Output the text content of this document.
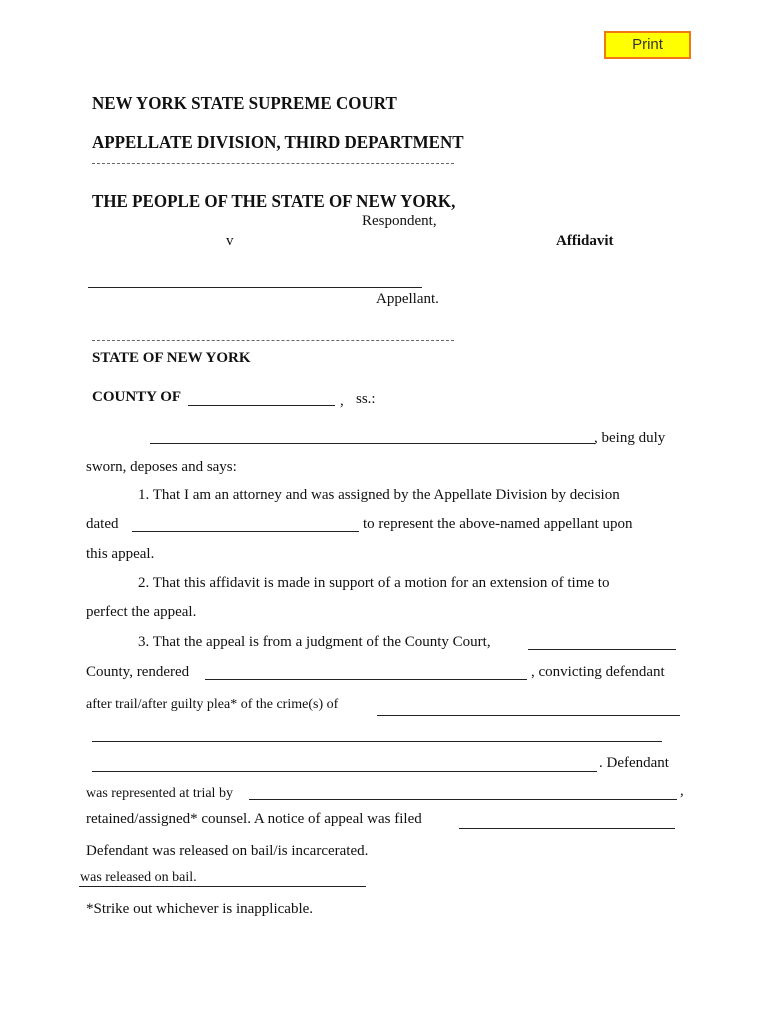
Print
NEW YORK STATE SUPREME COURT
APPELLATE DIVISION, THIRD DEPARTMENT
THE PEOPLE OF THE STATE OF NEW YORK,
Respondent,
v	Affidavit
Appellant.
STATE OF NEW YORK
COUNTY OF	, ss.:
, being duly
sworn, deposes and says:
1. That I am an attorney and was assigned by the Appellate Division by decision
dated	to represent the above-named appellant upon
this appeal.
2. That this affidavit is made in support of a motion for an extension of time to
perfect the appeal.
3. That the appeal is from a judgment of the County Court,
County, rendered	, convicting defendant
after trail/after guilty plea* of the crime(s) of
. Defendant
was represented at trial by	,
retained/assigned* counsel. A notice of appeal was filed
Defendant was released on bail/is incarcerated.
was released on bail.
*Strike out whichever is inapplicable.
